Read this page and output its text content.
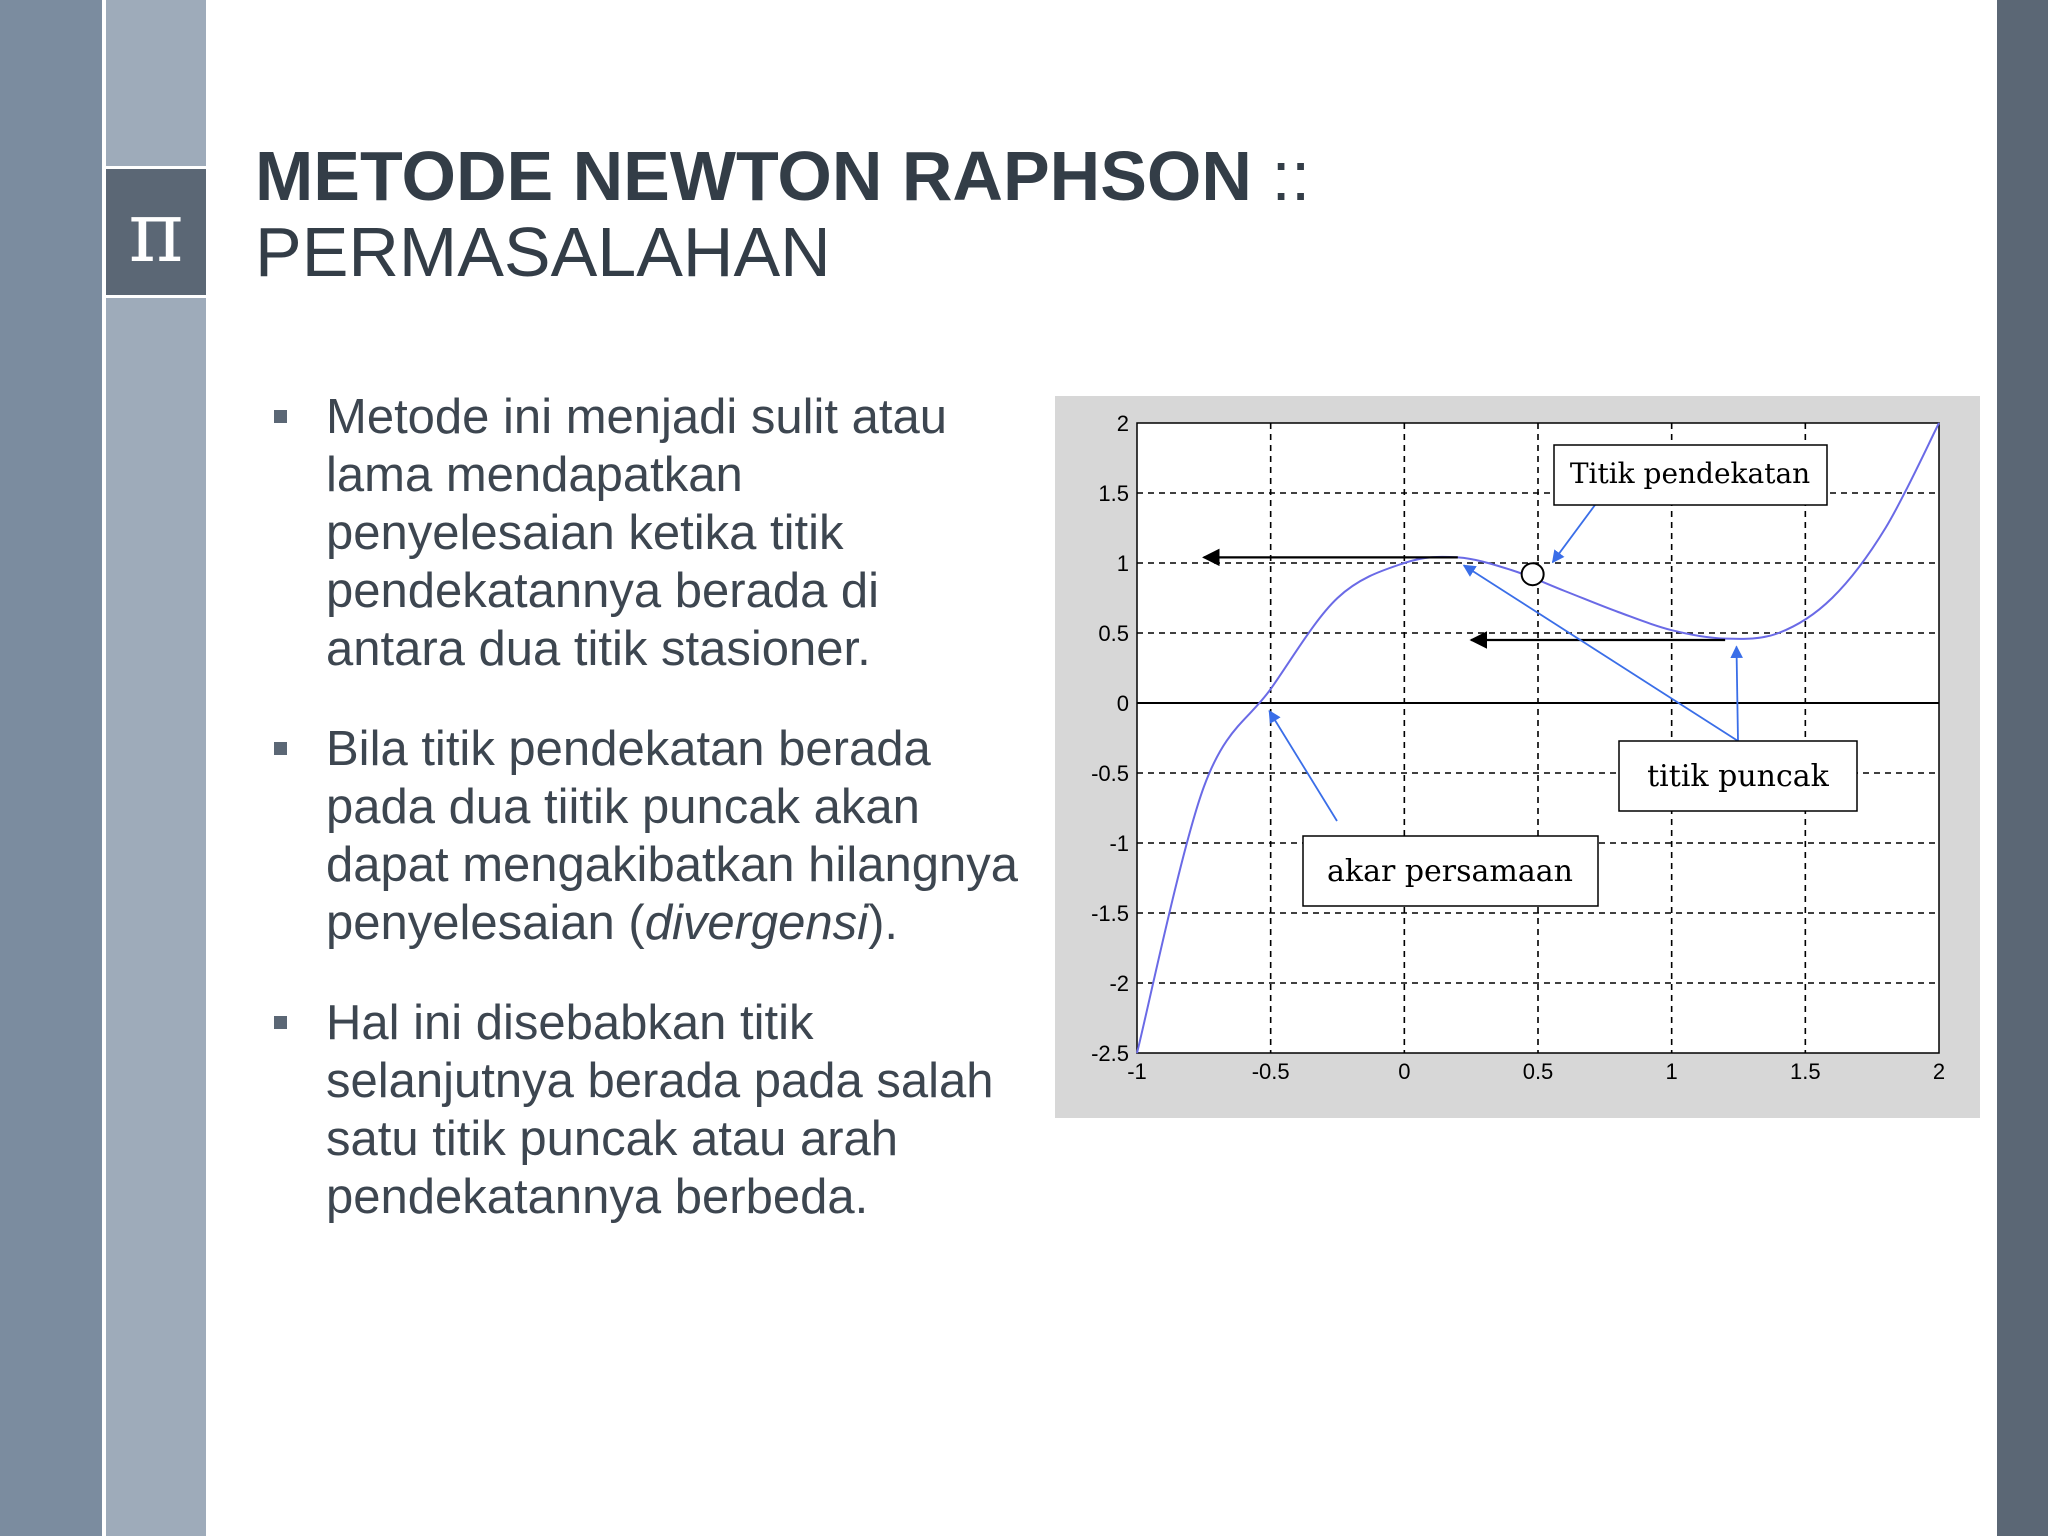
π
METODE NEWTON RAPHSON ::
PERMASALAHAN
Metode ini menjadi sulit atau lama mendapatkan penyelesaian ketika titik pendekatannya berada di antara dua titik stasioner.
Bila titik pendekatan berada pada dua tiitik puncak akan dapat mengakibatkan hilangnya penyelesaian (divergensi).
Hal ini disebabkan titik selanjutnya berada pada salah satu titik puncak atau arah pendekatannya berbeda.
-1	-0.5	0	0.5	1	1.5	2
2
1.5
1
0.5
0
-0.5
-1
-1.5
-2
-2.5
Titik pendekatan
titik puncak
akar persamaan
